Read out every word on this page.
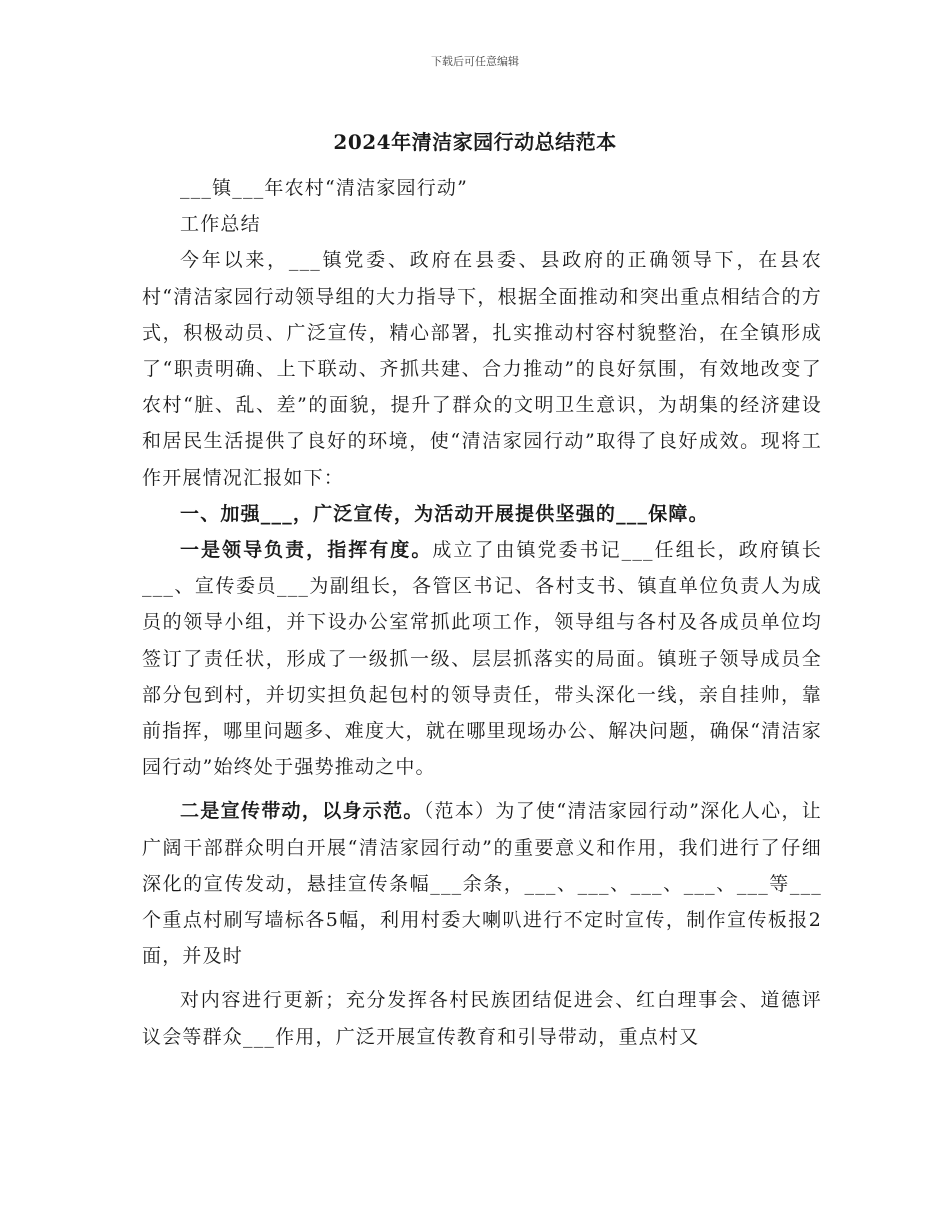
下载后可任意编辑
2024年清洁家园行动总结范本

___镇___年农村“清洁家园行动”

工作总结

今年以来，___镇党委、政府在县委、县政府的正确领导下，在县农村“清洁家园行动领导组的大力指导下，根据全面推动和突出重点相结合的方式，积极动员、广泛宣传，精心部署，扎实推动村容村貌整治，在全镇形成了“职责明确、上下联动、齐抓共建、合力推动”的良好氛围，有效地改变了农村“脏、乱、差”的面貌，提升了群众的文明卫生意识，为胡集的经济建设和居民生活提供了良好的环境，使“清洁家园行动”取得了良好成效。现将工作开展情况汇报如下：

一、加强___，广泛宣传，为活动开展提供坚强的___保障。

一是领导负责，指挥有度。成立了由镇党委书记___任组长，政府镇长___、宣传委员___为副组长，各管区书记、各村支书、镇直单位负责人为成员的领导小组，并下设办公室常抓此项工作，领导组与各村及各成员单位均签订了责任状，形成了一级抓一级、层层抓落实的局面。镇班子领导成员全部分包到村，并切实担负起包村的领导责任，带头深化一线，亲自挂帅，靠前指挥，哪里问题多、难度大，就在哪里现场办公、解决问题，确保“清洁家园行动”始终处于强势推动之中。

二是宣传带动，以身示范。（范本）为了使“清洁家园行动”深化人心，让广阔干部群众明白开展“清洁家园行动”的重要意义和作用，我们进行了仔细深化的宣传发动，悬挂宣传条幅___余条，___、___、___、___、___等___个重点村刷写墙标各5幅，利用村委大喇叭进行不定时宣传，制作宣传板报2面，并及时

对内容进行更新；充分发挥各村民族团结促进会、红白理事会、道德评议会等群众___作用，广泛开展宣传教育和引导带动，重点村又
